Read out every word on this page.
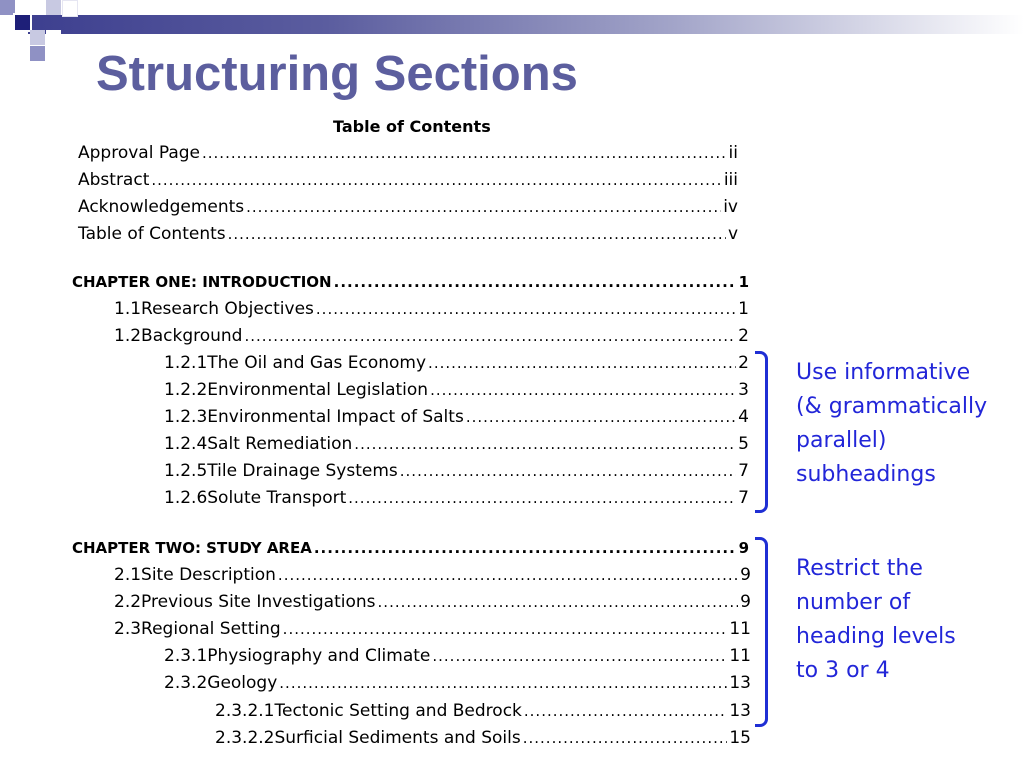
Structuring Sections
Table of Contents
Approval Page .....	ii
Abstract .....	iii
Acknowledgements .....	iv
Table of Contents .....	v
CHAPTER ONE: INTRODUCTION .....	1
1.1 Research Objectives .....	1
1.2 Background .....	2
1.2.1 The Oil and Gas Economy .....	2
1.2.2 Environmental Legislation .....	3
1.2.3 Environmental Impact of Salts .....	4
1.2.4 Salt Remediation .....	5
1.2.5 Tile Drainage Systems .....	7
1.2.6 Solute Transport .....	7
CHAPTER TWO: STUDY AREA .....	9
2.1 Site Description .....	9
2.2 Previous Site Investigations .....	9
2.3 Regional Setting .....	11
2.3.1 Physiography and Climate .....	11
2.3.2 Geology .....	13
2.3.2.1 Tectonic Setting and Bedrock .....	13
2.3.2.2 Surficial Sediments and Soils .....	15
Use informative
(& grammatically
parallel)
subheadings
Restrict the
number of
heading levels
to 3 or 4
